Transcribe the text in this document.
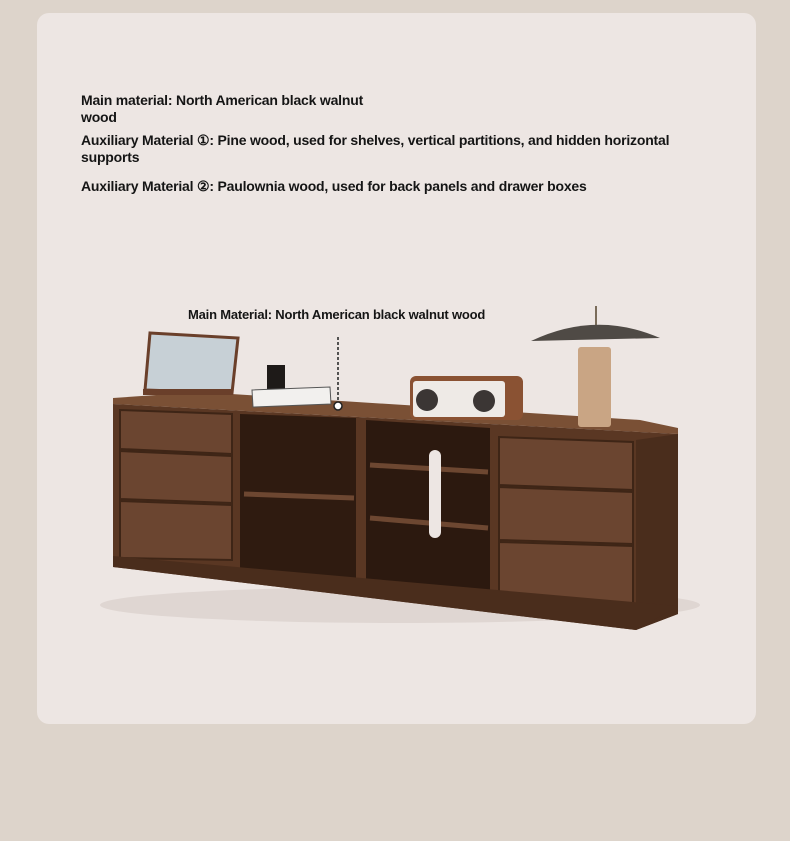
Main material: North American black walnut wood
Auxiliary Material ①: Pine wood, used for shelves, vertical partitions, and hidden horizontal supports
Auxiliary Material ②: Paulownia wood, used for back panels and drawer boxes
Main Material: North American black walnut wood
